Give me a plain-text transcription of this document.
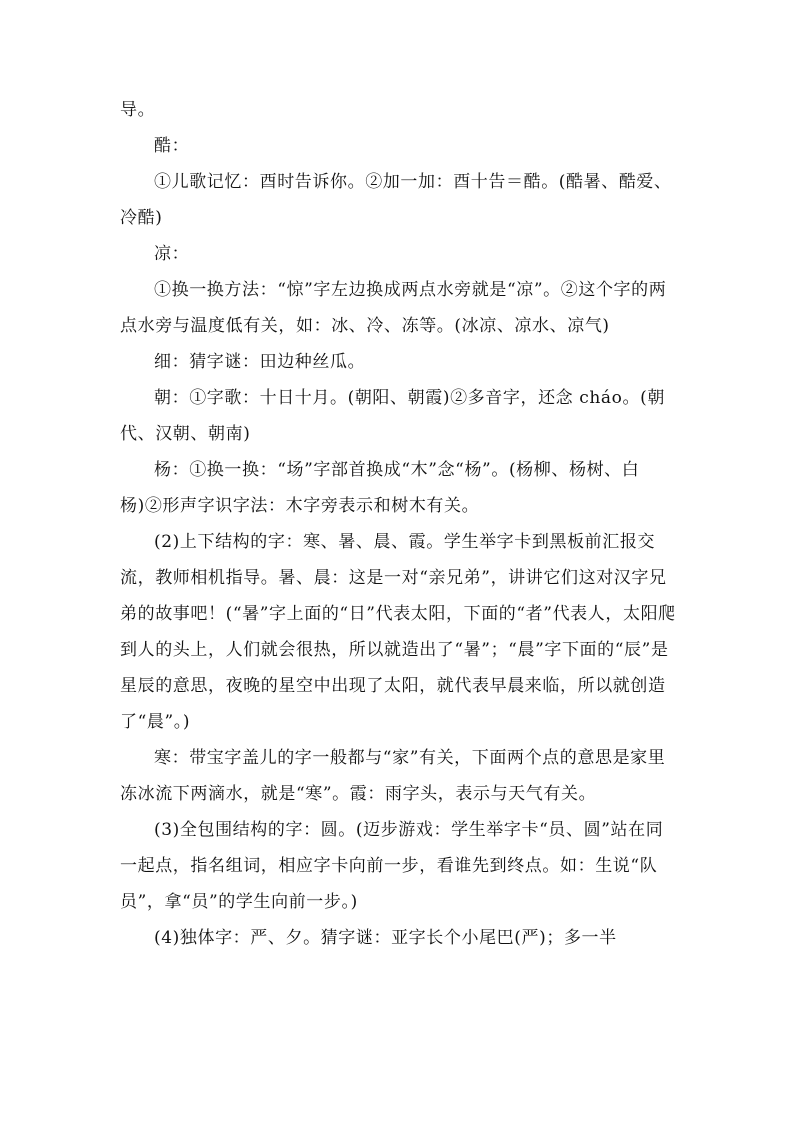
导。

酷：

①儿歌记忆：酉时告诉你。②加一加：酉十告＝酷。(酷暑、酷爱、冷酷)

凉：

①换一换方法：“惊”字左边换成两点水旁就是“凉”。②这个字的两点水旁与温度低有关，如：冰、冷、冻等。(冰凉、凉水、凉气)

细：猜字谜：田边种丝瓜。

朝：①字歌：十日十月。(朝阳、朝霞)②多音字，还念 cháo。(朝代、汉朝、朝南)

杨：①换一换：“场”字部首换成“木”念“杨”。(杨柳、杨树、白杨)②形声字识字法：木字旁表示和树木有关。

(2)上下结构的字：寒、暑、晨、霞。学生举字卡到黑板前汇报交流，教师相机指导。暑、晨：这是一对“亲兄弟”，讲讲它们这对汉字兄弟的故事吧！(“暑”字上面的“日”代表太阳，下面的“者”代表人，太阳爬到人的头上，人们就会很热，所以就造出了“暑”；“晨”字下面的“辰”是星辰的意思，夜晚的星空中出现了太阳，就代表早晨来临，所以就创造了“晨”。)

寒：带宝字盖儿的字一般都与“家”有关，下面两个点的意思是家里冻冰流下两滴水，就是“寒”。霞：雨字头，表示与天气有关。

(3)全包围结构的字：圆。(迈步游戏：学生举字卡“员、圆”站在同一起点，指名组词，相应字卡向前一步，看谁先到终点。如：生说“队员”，拿“员”的学生向前一步。)

(4)独体字：严、夕。猜字谜：亚字长个小尾巴(严)；多一半
